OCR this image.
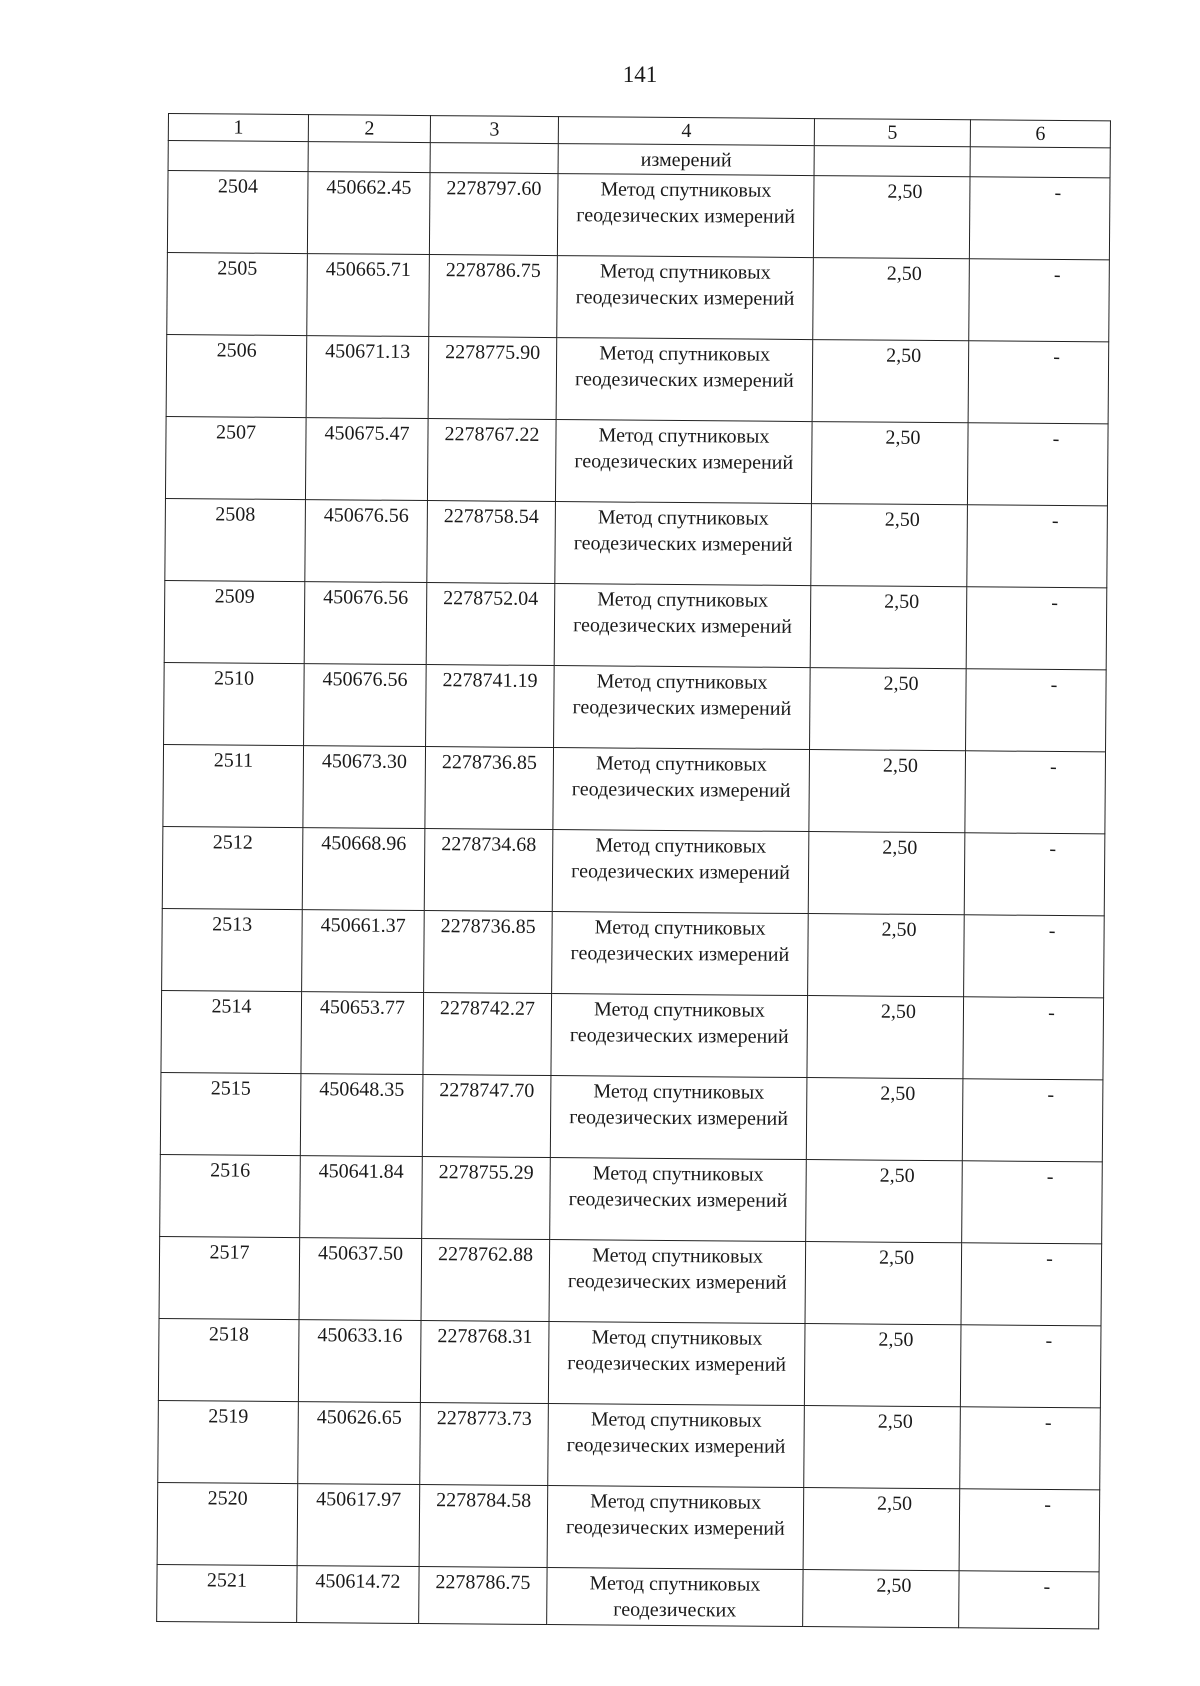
141
1	2	3	4	5	6
			измерений		
2504	450662.45	2278797.60	Метод спутниковых геодезических измерений	2,50	-
2505	450665.71	2278786.75	Метод спутниковых геодезических измерений	2,50	-
2506	450671.13	2278775.90	Метод спутниковых геодезических измерений	2,50	-
2507	450675.47	2278767.22	Метод спутниковых геодезических измерений	2,50	-
2508	450676.56	2278758.54	Метод спутниковых геодезических измерений	2,50	-
2509	450676.56	2278752.04	Метод спутниковых геодезических измерений	2,50	-
2510	450676.56	2278741.19	Метод спутниковых геодезических измерений	2,50	-
2511	450673.30	2278736.85	Метод спутниковых геодезических измерений	2,50	-
2512	450668.96	2278734.68	Метод спутниковых геодезических измерений	2,50	-
2513	450661.37	2278736.85	Метод спутниковых геодезических измерений	2,50	-
2514	450653.77	2278742.27	Метод спутниковых геодезических измерений	2,50	-
2515	450648.35	2278747.70	Метод спутниковых геодезических измерений	2,50	-
2516	450641.84	2278755.29	Метод спутниковых геодезических измерений	2,50	-
2517	450637.50	2278762.88	Метод спутниковых геодезических измерений	2,50	-
2518	450633.16	2278768.31	Метод спутниковых геодезических измерений	2,50	-
2519	450626.65	2278773.73	Метод спутниковых геодезических измерений	2,50	-
2520	450617.97	2278784.58	Метод спутниковых геодезических измерений	2,50	-
2521	450614.72	2278786.75	Метод спутниковых геодезических	2,50	-
